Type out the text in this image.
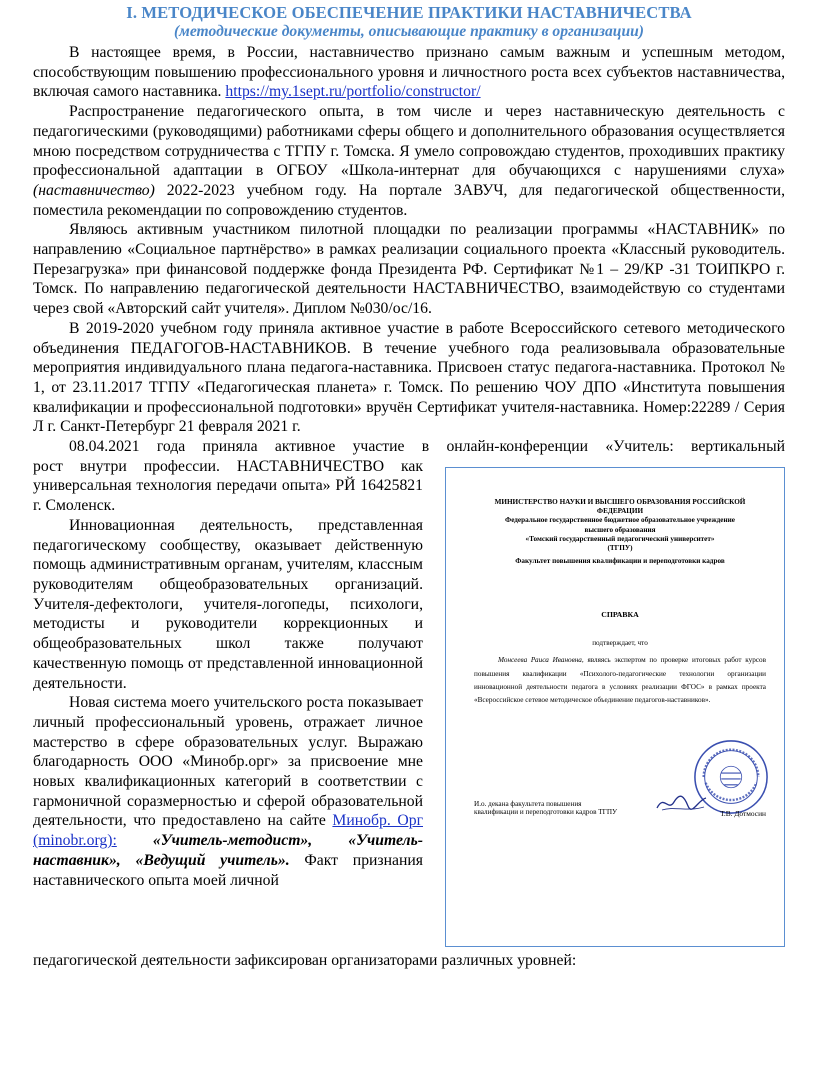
I. МЕТОДИЧЕСКОЕ ОБЕСПЕЧЕНИЕ ПРАКТИКИ НАСТАВНИЧЕСТВА
(методические документы, описывающие практику в организации)

В настоящее время, в России, наставничество признано самым важным и успешным методом, способствующим повышению профессионального уровня и личностного роста всех субъектов наставничества, включая самого наставника. https://my.1sept.ru/portfolio/constructor/

Распространение педагогического опыта, в том числе и через наставническую деятельность с педагогическими (руководящими) работниками сферы общего и дополнительного образования осуществляется мною посредством сотрудничества с ТГПУ г. Томска. Я умело сопровождаю студентов, проходивших практику профессиональной адаптации в ОГБОУ «Школа-интернат для обучающихся с нарушениями слуха» (наставничество) 2022-2023 учебном году. На портале ЗАВУЧ, для педагогической общественности, поместила рекомендации по сопровождению студентов.

Являюсь активным участником пилотной площадки по реализации программы «НАСТАВНИК» по направлению «Социальное партнёрство» в рамках реализации социального проекта «Классный руководитель. Перезагрузка» при финансовой поддержке фонда Президента РФ. Сертификат №1 – 29/КР -31 ТОИПКРО г. Томск. По направлению педагогической деятельности НАСТАВНИЧЕСТВО, взаимодействую со студентами через свой «Авторский сайт учителя». Диплом №030/ос/16.

В 2019-2020 учебном году приняла активное участие в работе Всероссийского сетевого методического объединения ПЕДАГОГОВ-НАСТАВНИКОВ. В течение учебного года реализовывала образовательные мероприятия индивидуального плана педагога-наставника. Присвоен статус педагога-наставника. Протокол № 1, от 23.11.2017 ТГПУ «Педагогическая планета» г. Томск. По решению ЧОУ ДПО «Института повышения квалификации и профессиональной подготовки» вручён Сертификат учителя-наставника. Номер:22289 / Серия Л г. Санкт-Петербург 21 февраля 2021 г.

08.04.2021 года приняла активное участие в онлайн-конференции «Учитель: вертикальный

МИНИСТЕРСТВО НАУКИ И ВЫСШЕГО ОБРАЗОВАНИЯ РОССИЙСКОЙ ФЕДЕРАЦИИ
Федеральное государственное бюджетное образовательное учреждение
высшего образования
«Томский государственный педагогический университет»
(ТГПУ)
Факультет повышения квалификации и переподготовки кадров
СПРАВКА
подтверждает, что
Монсеева Раиса Ивановна, являясь экспертом по проверке итоговых работ курсов повышения квалификации «Психолого-педагогические технологии организации инновационной деятельности педагога в условиях реализации ФГОС» в рамках проекта «Всероссийское сетевое методическое объединение педагогов-наставников».
И.о. декана факультета повышения квалификации и переподготовки кадров ТГПУ	Т.В. Дотмосин

рост внутри профессии. НАСТАВНИЧЕСТВО как универсальная технология передачи опыта» РЙ 16425821 г. Смоленск.

Инновационная деятельность, представленная педагогическому сообществу, оказывает действенную помощь административным органам, учителям, классным руководителям общеобразовательных организаций. Учителя-дефектологи, учителя-логопеды, психологи, методисты и руководители коррекционных и общеобразовательных школ также получают качественную помощь от представленной инновационной деятельности.

Новая система моего учительского роста показывает личный профессиональный уровень, отражает личное мастерство в сфере образовательных услуг. Выражаю благодарность ООО «Минобр.орг» за присвоение мне новых квалификационных категорий в соответствии с гармоничной соразмерностью и сферой образовательной деятельности, что предоставлено на сайте Минобр. Орг (minobr.org): «Учитель-методист», «Учитель- наставник», «Ведущий учитель». Факт признания наставнического опыта моей личной

педагогической деятельности зафиксирован организаторами различных уровней:
